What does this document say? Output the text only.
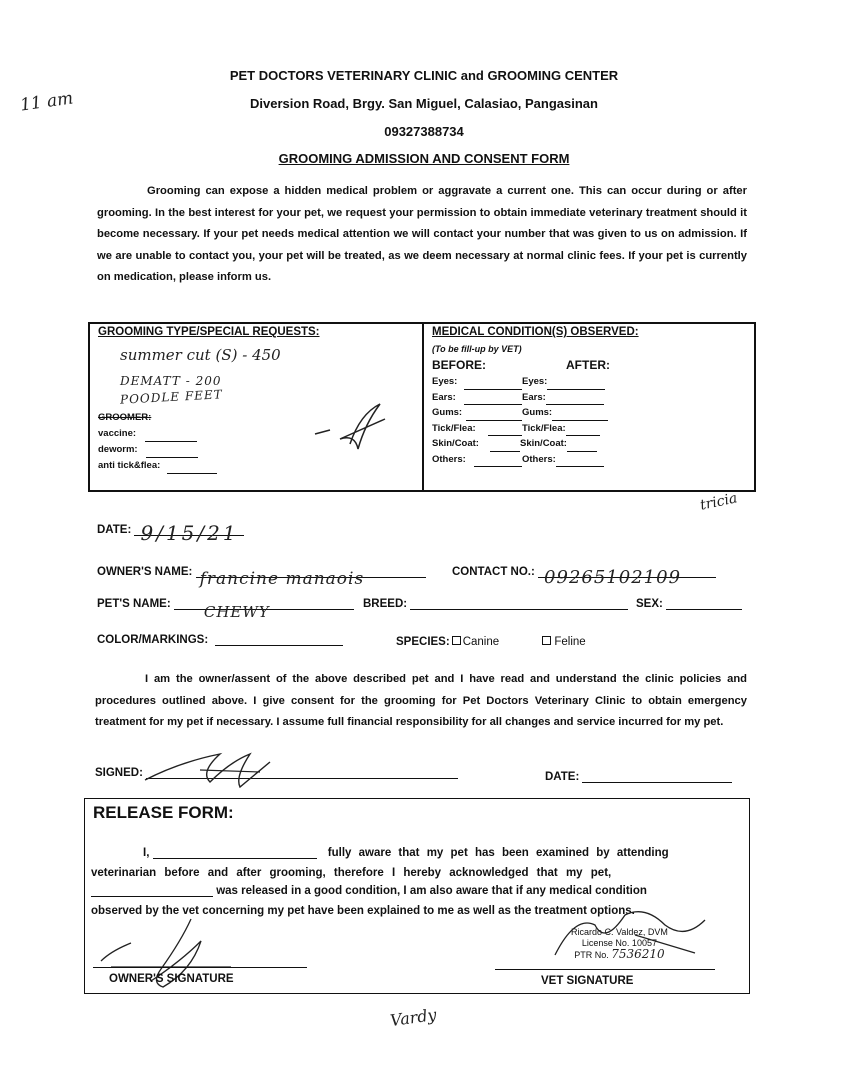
11 am
PET DOCTORS VETERINARY CLINIC and GROOMING CENTER
Diversion Road, Brgy. San Miguel, Calasiao, Pangasinan
09327388734
GROOMING ADMISSION AND CONSENT FORM
Grooming can expose a hidden medical problem or aggravate a current one. This can occur during or after grooming. In the best interest for your pet, we request your permission to obtain immediate veterinary treatment should it become necessary. If your pet needs medical attention we will contact your number that was given to us on admission. If we are unable to contact you, your pet will be treated, as we deem necessary at normal clinic fees. If your pet is currently on medication, please inform us.
GROOMING TYPE/SPECIAL REQUESTS:
summer cut (S) - 450
DEMATT - 200
POODLE FEET
GROOMER:
vaccine:
deworm:
anti tick&flea:
MEDICAL CONDITION(S) OBSERVED:
(To be fill-up by VET)
BEFORE:	AFTER:
Eyes:	Eyes:
Ears:	Ears:
Gums:	Gums:
Tick/Flea:	Tick/Flea:
Skin/Coat:	Skin/Coat:
Others:	Others:
tricia
DATE: 9/15/21
OWNER'S NAME: francine manaois	CONTACT NO.: 09265102109
PET'S NAME: CHEWY	BREED:	SEX:
COLOR/MARKINGS:	SPECIES: Canine	Feline
I am the owner/assent of the above described pet and I have read and understand the clinic policies and procedures outlined above. I give consent for the grooming for Pet Doctors Veterinary Clinic to obtain emergency treatment for my pet if necessary. I assume full financial responsibility for all changes and service incurred for my pet.
SIGNED:	DATE:
RELEASE FORM:
I,	fully aware that my pet has been examined by attending
veterinarian before and after grooming, therefore I hereby acknowledged that my pet,
was released in a good condition, I am also aware that if any medical condition
observed by the vet concerning my pet have been explained to me as well as the treatment options.
OWNER'S SIGNATURE
Ricardo C. Valdez, DVM
License No. 10057
PTR No. 7536210
VET SIGNATURE
Vardy
